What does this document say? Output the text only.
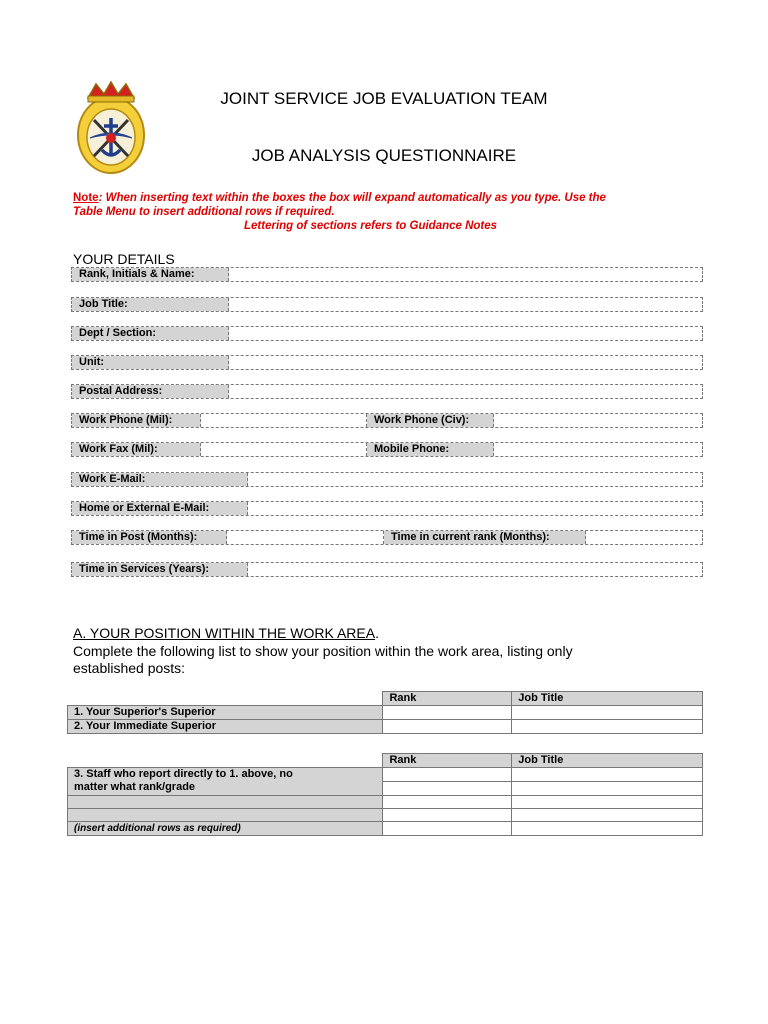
JOINT SERVICE JOB EVALUATION TEAM
JOB ANALYSIS QUESTIONNAIRE
Note: When inserting text within the boxes the box will expand automatically as you type. Use the
Table Menu to insert additional rows if required.
Lettering of sections refers to Guidance Notes
YOUR DETAILS
Rank, Initials & Name:
Job Title:
Dept / Section:
Unit:
Postal Address:
Work Phone (Mil):	Work Phone (Civ):
Work Fax (Mil):	Mobile Phone:
Work E-Mail:
Home or External E-Mail:
Time in Post (Months):	Time in current rank (Months):
Time in Services (Years):
A. YOUR POSITION WITHIN THE WORK AREA.
Complete the following list to show your position within the work area, listing only
established posts:
	Rank	Job Title
1. Your Superior's Superior		
2. Your Immediate Superior		
	Rank	Job Title

3. Staff who report directly to 1. above, no
matter what rank/grade		

(insert additional rows as required)		
